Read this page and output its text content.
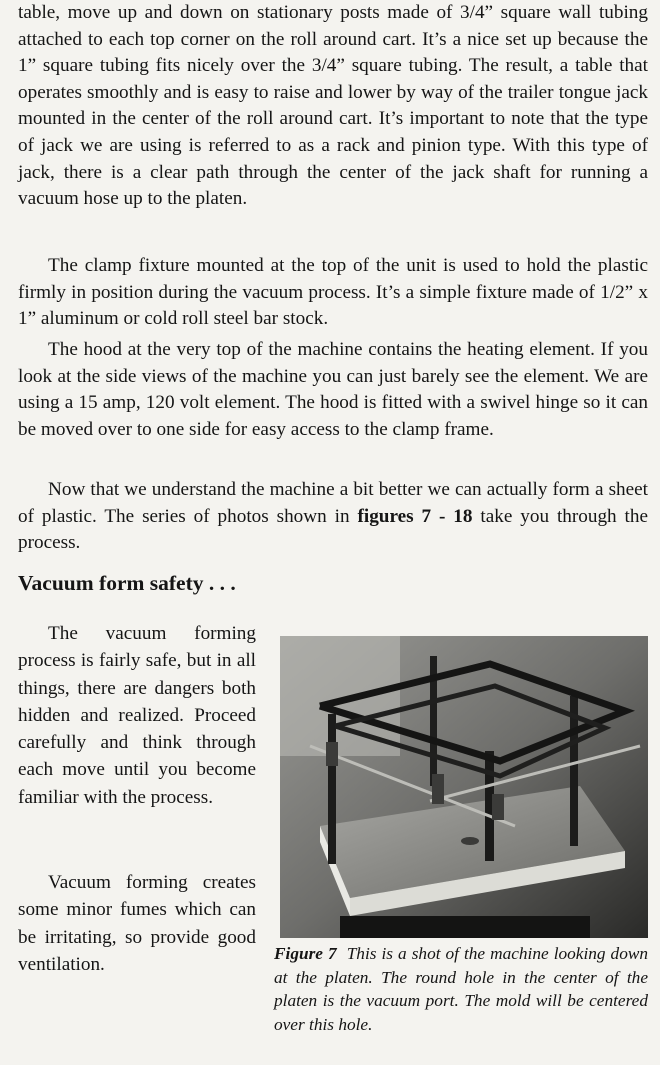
table, move up and down on stationary posts made of 3/4” square wall tubing attached to each top corner on the roll around cart. It’s a nice set up because the 1” square tubing fits nicely over the 3/4” square tubing. The result, a table that operates smoothly and is easy to raise and lower by way of the trailer tongue jack mounted in the center of the roll around cart. It’s important to note that the type of jack we are using is referred to as a rack and pinion type. With this type of jack, there is a clear path through the center of the jack shaft for running a vacuum hose up to the platen.

The clamp fixture mounted at the top of the unit is used to hold the plastic firmly in position during the vacuum process. It’s a simple fixture made of 1/2” x 1” aluminum or cold roll steel bar stock.

The hood at the very top of the machine contains the heating element. If you look at the side views of the machine you can just barely see the element. We are using a 15 amp, 120 volt element. The hood is fitted with a swivel hinge so it can be moved over to one side for easy access to the clamp frame.

Now that we understand the machine a bit better we can actually form a sheet of plastic. The series of photos shown in figures 7 - 18 take you through the process.

Vacuum form safety . . .

The vacuum forming process is fairly safe, but in all things, there are dangers both hidden and realized. Proceed carefully and think through each move until you become familiar with the process.

Vacuum forming creates some minor fumes which can be irritating, so provide good ventilation.

Figure 7 This is a shot of the machine looking down at the platen. The round hole in the center of the platen is the vacuum port. The mold will be centered over this hole.
